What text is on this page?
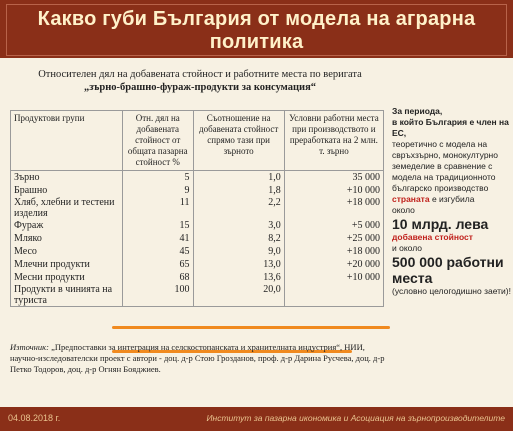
Какво губи България от модела на аграрна политика
Относителен дял на добавената стойност и работните места по веригата
„зърно-брашно-фураж-продукти за консумация“
Продуктови групи	Отн. дял на добавената стойност от общата пазарна стойност %	Съотношение на добавената стойност спрямо тази при зърното	Условни работни места при производството и преработката на 2 млн. т. зърно
Зърно	5	1,0	35 000
Брашно	9	1,8	+10 000
Хляб, хлебни и тестени изделия	11	2,2	+18 000
Фураж	15	3,0	+5 000
Мляко	41	8,2	+25 000
Месо	45	9,0	+18 000
Млечни продукти	65	13,0	+20 000
Месни продукти	68	13,6	+10 000
Продукти в чинията на туриста	100	20,0	
Източник: „Предпоставки за интеграция на селскостопанската и хранителната индустрия“, НИИ, научно-изследователски проект с автори - доц. д-р Стою Грозданов, проф. д-р Дарина Русчева, доц. д-р Петко Тодоров, доц. д-р Огнян Бояджиев.
За периода,
в който България е член на ЕС,
теоретично с модела на свръхзърно, монокултурно земеделие в сравнение с модела на традиционното българско производство
страната е изгубила
около
10 млрд. лева
добавена стойност
и около
500 000 работни места
(условно целогодишно заети)!
04.08.2018 г.	Институт за пазарна икономика и Асоциация на зърнопроизводителите
